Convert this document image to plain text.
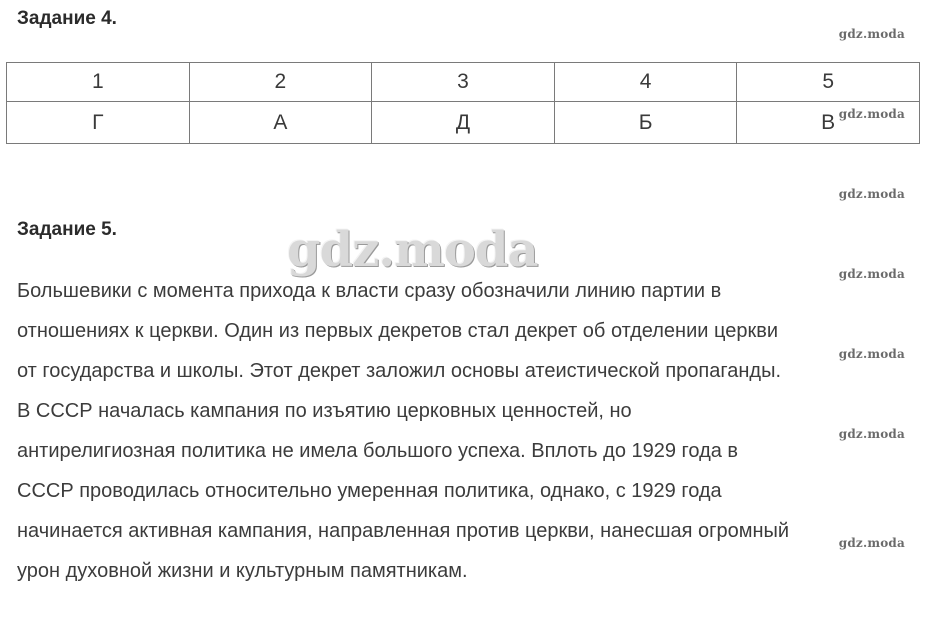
Задание 4.
1	2	3	4	5
Г	А	Д	Б	В
Задание 5.
Большевики с момента прихода к власти сразу обозначили линию партии в
отношениях к церкви. Один из первых декретов стал декрет об отделении церкви
от государства и школы. Этот декрет заложил основы атеистической пропаганды.
В СССР началась кампания по изъятию церковных ценностей, но
антирелигиозная политика не имела большого успеха. Вплоть до 1929 года в
СССР проводилась относительно умеренная политика, однако, с 1929 года
начинается активная кампания, направленная против церкви, нанесшая огромный
урон духовной жизни и культурным памятникам.
gdz.moda
gdz.moda
gdz.moda
gdz.moda
gdz.moda
gdz.moda
gdz.moda
gdz.moda
